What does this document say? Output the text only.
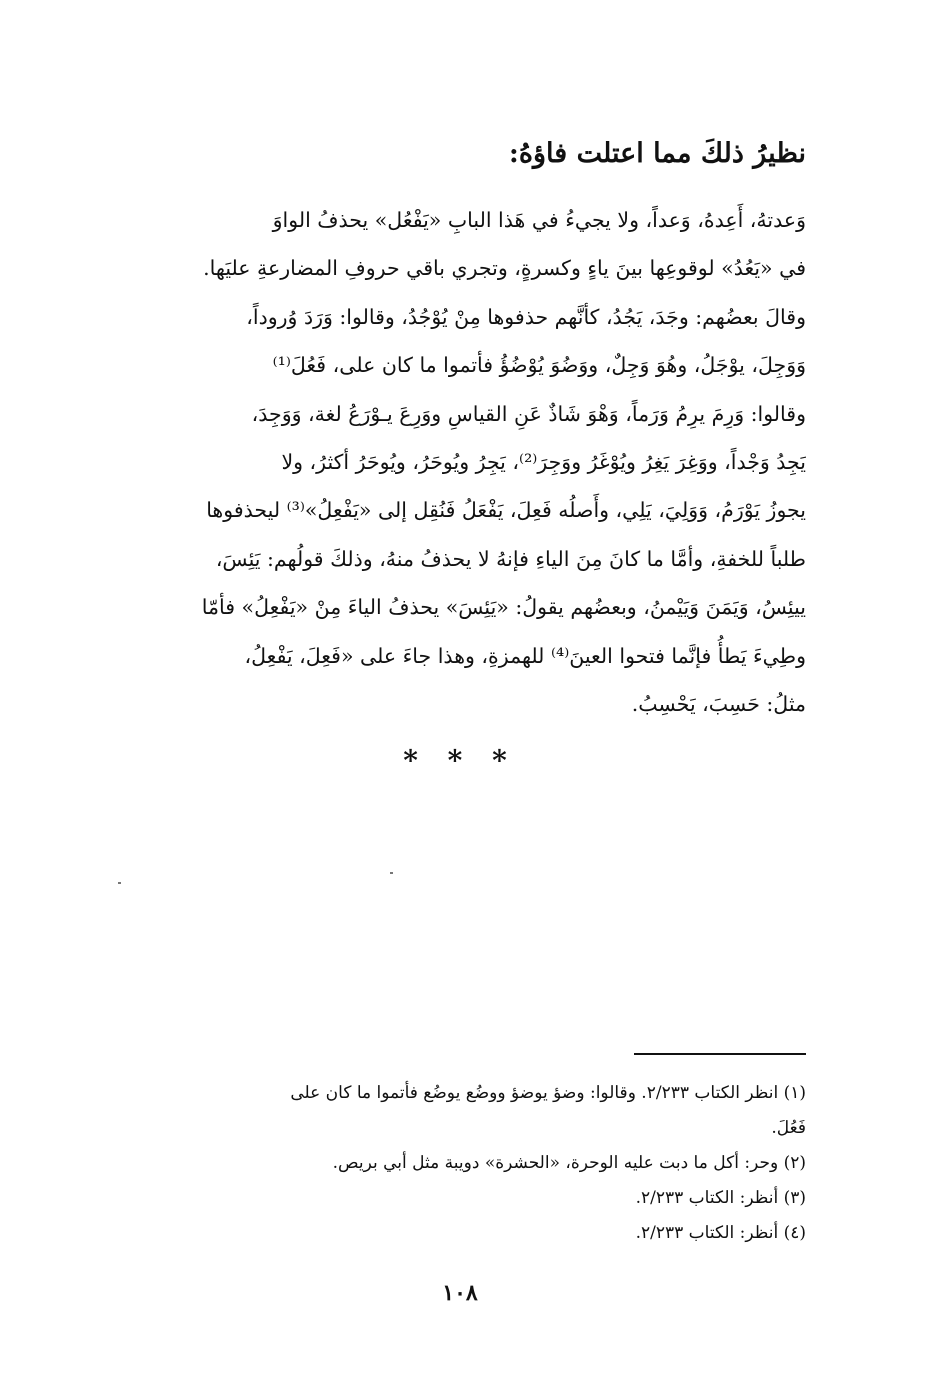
نظيرُ ذلكَ مما اعتلت فاؤهُ:
وَعدتهُ، أَعِدهُ، وَعداً، ولا يجيءُ في هَذا البابِ «يَفْعُل» يحذفُ الواوَ
في «يَعُدُ» لوقوعِها بينَ ياءٍ وكسرةٍ، وتجري باقي حروفِ المضارعةِ عليَها.
وقالَ بعضُهم: وجَدَ، يَجُدُ، كأنَّهم حذفوها مِنْ يُوْجُدُ، وقالوا: وَرَدَ وُروداً،
وَوَجِلَ، يوْجَلُ، وهُوَ وَجِلٌ، ووَضُوَ يُوْضُؤُ فأتموا ما كان على، فَعُلَ⁽¹⁾
وقالوا: وَرِمَ يرِمُ وَرَماً، وَهْوَ شَاذٌ عَنِ القياسِ ووَرِعَ يـوْرَعُ لغة، وَوَجِدَ،
يَجِدُ وَجْداً، ووَغِرَ يَغِرُ ويُوْغَرُ ووَجِرَ⁽²⁾، يَجِرُ ويُوحَرُ، ويُوحَرُ أكثرُ، ولا
يجوزُ يَوْرَمُ، وَوَلِيَ، يَلِي، وأَصلُه فَعِلَ، يَفْعَلُ فَنُقِل إلى «يَفْعِلُ»⁽³⁾ ليحذفوها
طلباً للخفةِ، وأمَّا ما كانَ مِنَ الياءِ فإنهُ لا يحذفُ منهُ، وذلكَ قولُهم: يَئِسَ،
ييئِسُ، وَيَمَنَ وَيَيْمنُ، وبعضُهم يقولُ: «يَئِسَ» يحذفُ الياءَ مِنْ «يَفْعِلُ» فأمّا
وطِيءَ يَطأُ فإنَّما فتحوا العينَ⁽⁴⁾ للهمزةِ، وهذا جاءَ على «فَعِلَ، يَفْعِلُ،
مثلُ: حَسِبَ، يَحْسِبُ.
* * *
(١) انظر الكتاب ٢/٢٣٣. وقالوا: وضؤ يوضؤ ووضُع يوضُع فأتموا ما كان على
فَعُلَ.
(٢) وحر: أكل ما دبت عليه الوحرة، «الحشرة» دويبة مثل أبي بريص.
(٣) أنظر: الكتاب ٢/٢٣٣.
(٤) أنظر: الكتاب ٢/٢٣٣.
١٠٨
